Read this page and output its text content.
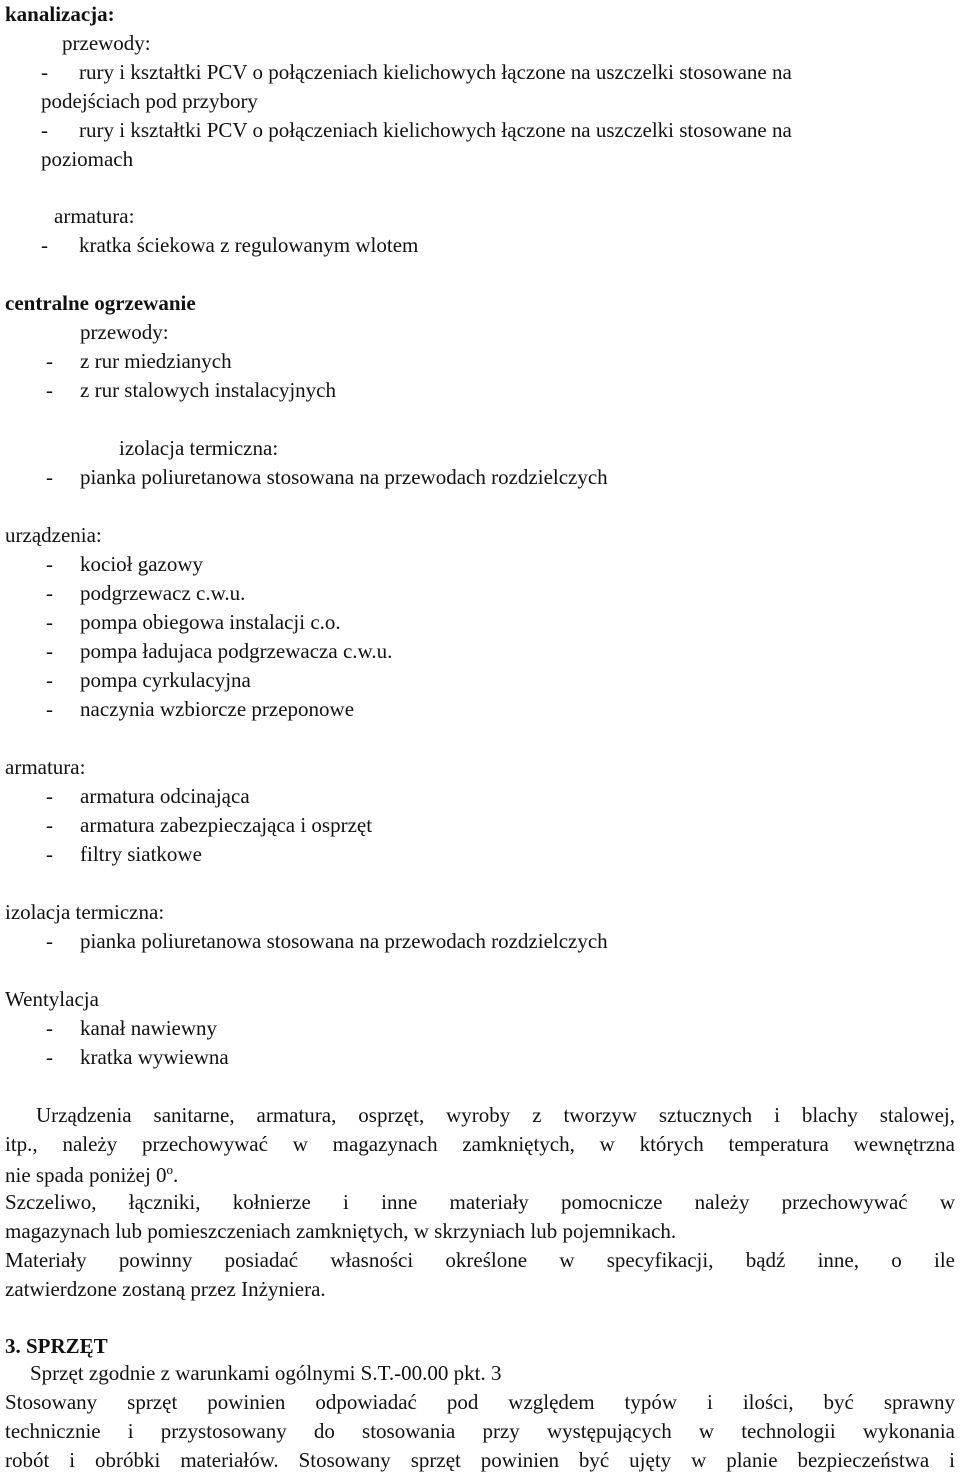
kanalizacja:
przewody:
- rury i kształtki PCV o połączeniach kielichowych łączone na uszczelki stosowane na
podejściach pod przybory
- rury i kształtki PCV o połączeniach kielichowych łączone na uszczelki stosowane na
poziomach
armatura:
- kratka ściekowa z regulowanym wlotem
centralne ogrzewanie
przewody:
- z rur miedzianych
- z rur stalowych instalacyjnych
izolacja termiczna:
- pianka poliuretanowa stosowana na przewodach rozdzielczych
urządzenia:
- kocioł gazowy
- podgrzewacz c.w.u.
- pompa obiegowa instalacji c.o.
- pompa ładujaca podgrzewacza c.w.u.
- pompa cyrkulacyjna
- naczynia wzbiorcze przeponowe
armatura:
- armatura odcinająca
- armatura zabezpieczająca i osprzęt
- filtry siatkowe
izolacja termiczna:
- pianka poliuretanowa stosowana na przewodach rozdzielczych
Wentylacja
- kanał nawiewny
- kratka wywiewna
Urządzenia sanitarne, armatura, osprzęt, wyroby z tworzyw sztucznych i blachy stalowej,
itp., należy przechowywać w magazynach zamkniętych, w których temperatura wewnętrzna
nie spada poniżej 0$^o$.
Szczeliwo, łączniki, kołnierze i inne materiały pomocnicze należy przechowywać w
magazynach lub pomieszczeniach zamkniętych, w skrzyniach lub pojemnikach.
Materiały powinny posiadać własności określone w specyfikacji, bądź inne, o ile
zatwierdzone zostaną przez Inżyniera.
3. SPRZĘT
Sprzęt zgodnie z warunkami ogólnymi S.T.-00.00 pkt. 3
Stosowany sprzęt powinien odpowiadać pod względem typów i ilości, być sprawny
technicznie i przystosowany do stosowania przy występujących w technologii wykonania
robót i obróbki materiałów. Stosowany sprzęt powinien być ujęty w planie bezpieczeństwa i
